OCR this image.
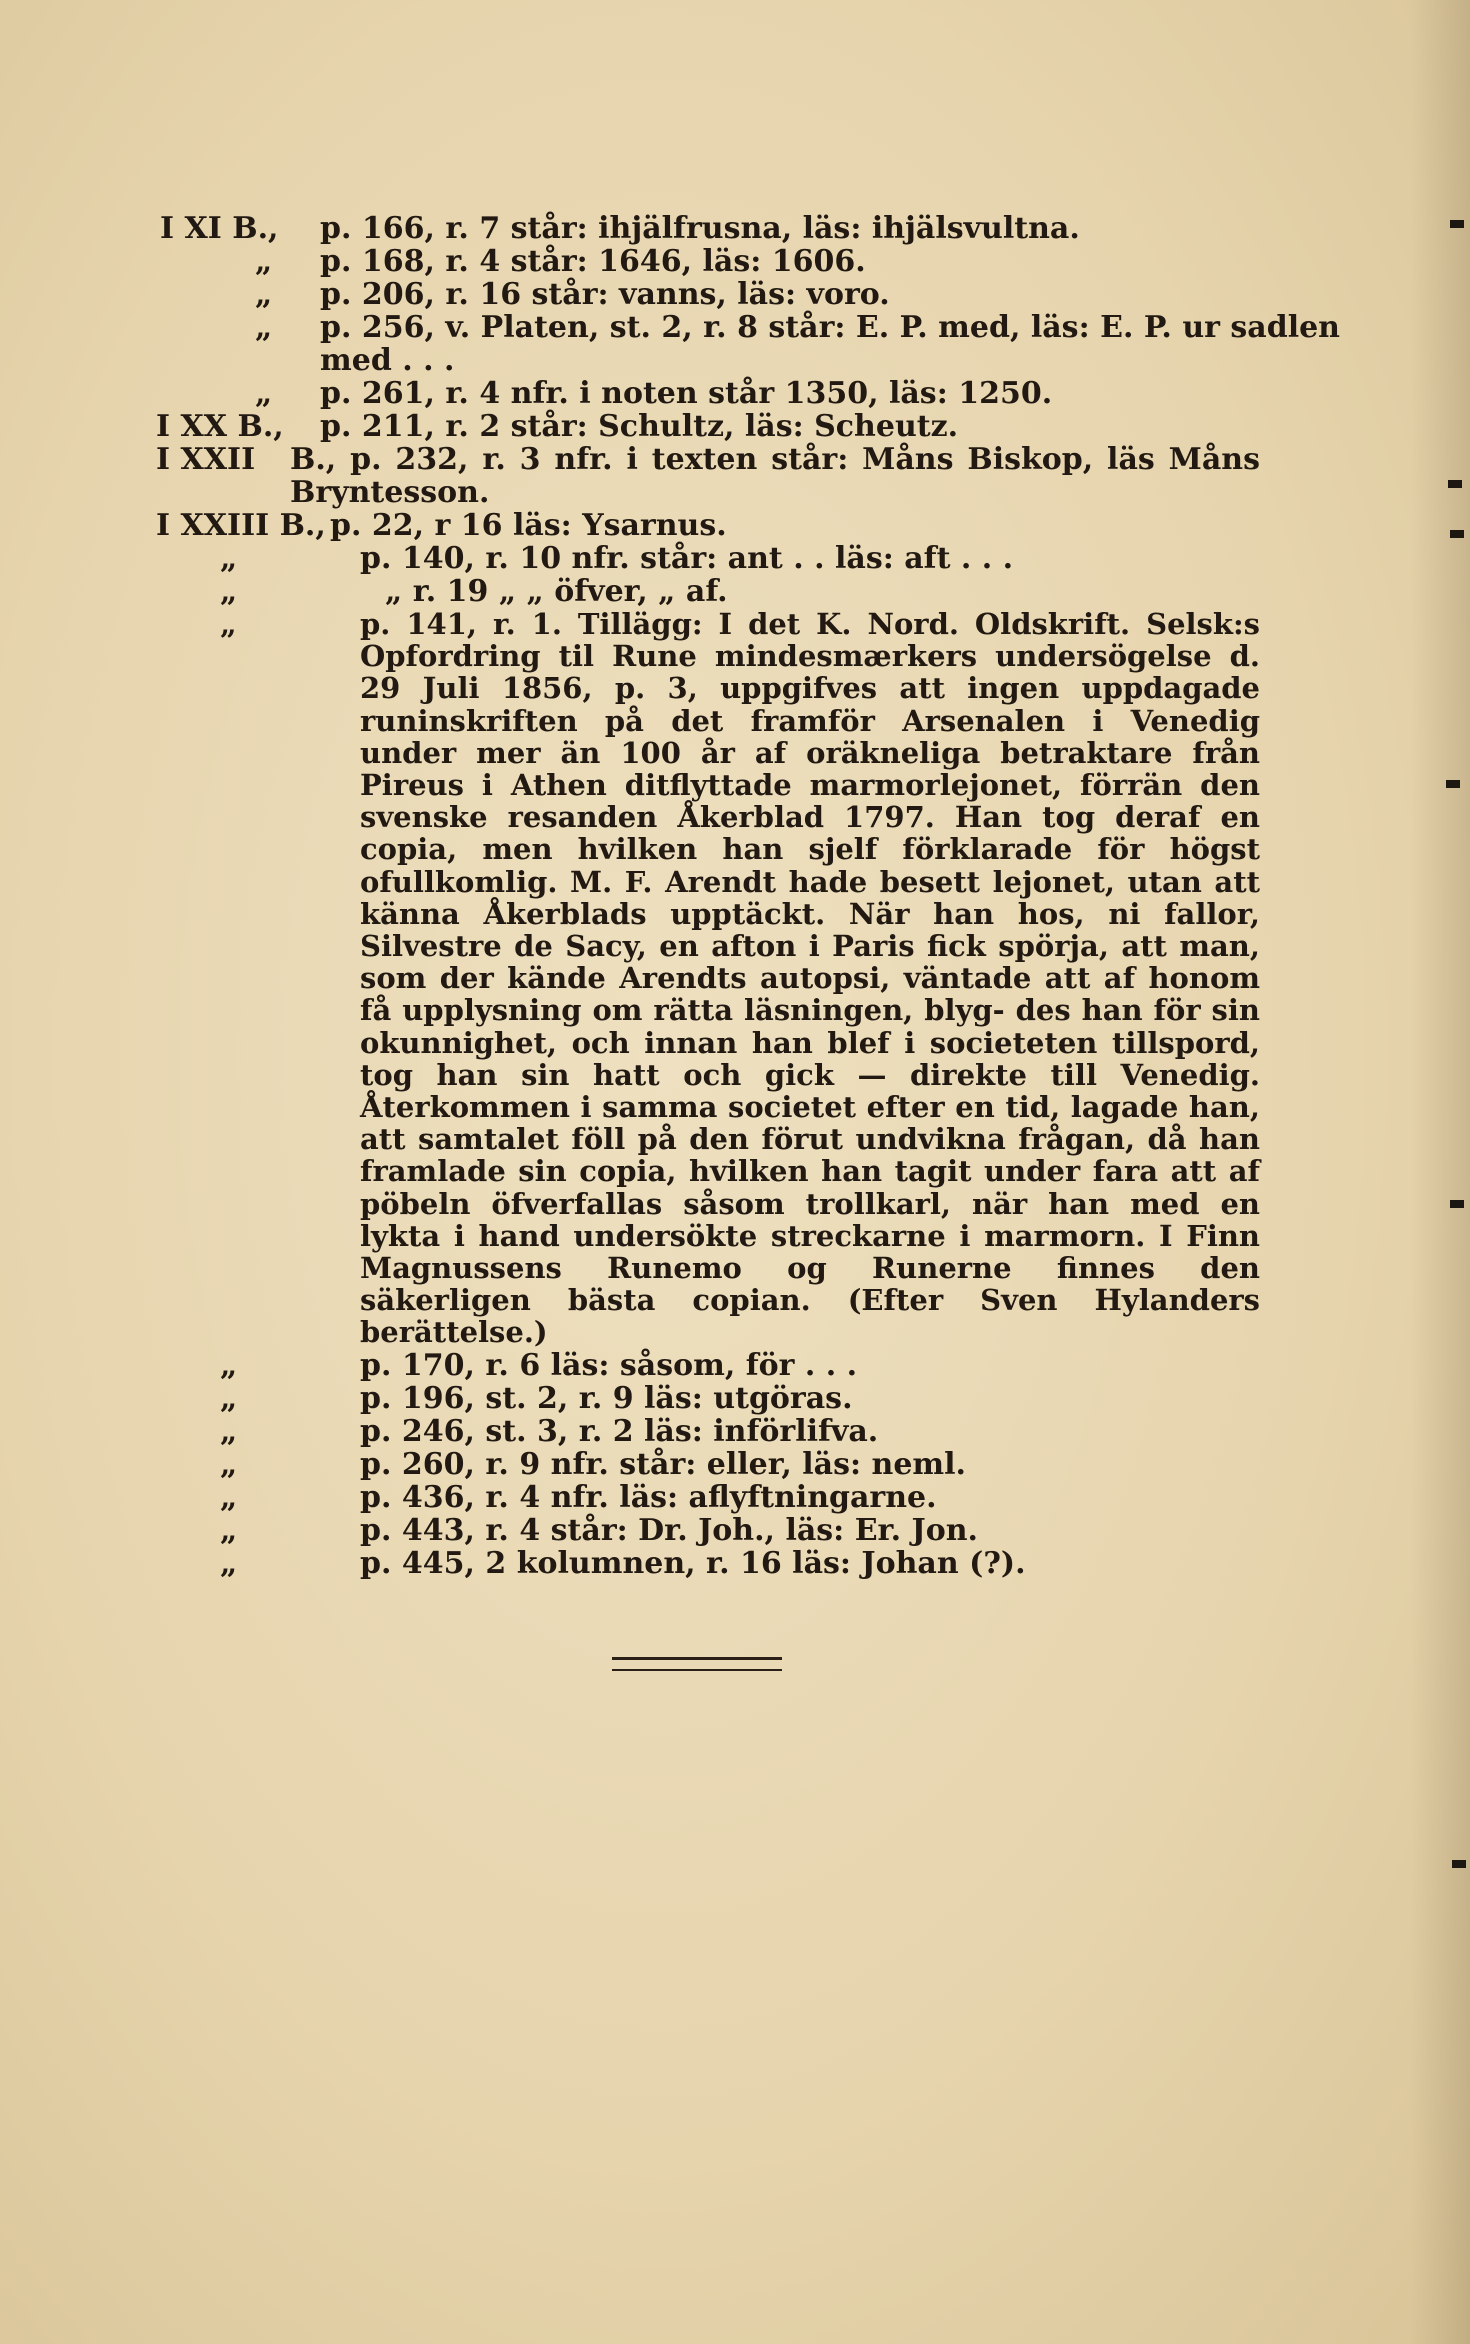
I XI B.,	p. 166, r. 7 står: ihjälfrusna, läs: ihjälsvultna.
„	p. 168, r. 4 står: 1646, läs: 1606.
„	p. 206, r. 16 står: vanns, läs: voro.
„	p. 256, v. Platen, st. 2, r. 8 står: E. P. med, läs: E. P. ur sadlen med . . .
„	p. 261, r. 4 nfr. i noten står 1350, läs: 1250.
I XX B.,	p. 211, r. 2 står: Schultz, läs: Scheutz.
I XXII	B., p. 232, r. 3 nfr. i texten står: Måns Biskop, läs Måns Bryntesson.
I XXIII B., p. 22, r 16 läs: Ysarnus.
„	p. 140, r. 10 nfr. står: ant . . läs: aft . . .
„	„ r. 19 „ „ öfver, „ af.
„	p. 141, r. 1. Tillägg: I det K. Nord. Oldskrift. Selsk:s Opfordring til Rune mindesmærkers undersögelse d. 29 Juli 1856, p. 3, uppgifves att ingen uppdagade runinskriften på det framför Arsenalen i Venedig under mer än 100 år af oräkneliga betraktare från Pireus i Athen ditflyttade marmorlejonet, förrän den svenske resanden Åkerblad 1797. Han tog deraf en copia, men hvilken han sjelf förklarade för högst ofullkomlig. M. F. Arendt hade besett lejonet, utan att känna Åkerblads upptäckt. När han hos, ni fallor, Silvestre de Sacy, en afton i Paris fick spörja, att man, som der kände Arendts autopsi, väntade att af honom få upplysning om rätta läsningen, blyg- des han för sin okunnighet, och innan han blef i societeten tillspord, tog han sin hatt och gick — direkte till Venedig. Återkommen i samma societet efter en tid, lagade han, att samtalet föll på den förut undvikna frågan, då han framlade sin copia, hvilken han tagit under fara att af pöbeln öfverfallas såsom trollkarl, när han med en lykta i hand undersökte streckarne i marmorn. I Finn Magnussens Runemo og Runerne finnes den säkerligen bästa copian. (Efter Sven Hylanders berättelse.)
„	p. 170, r. 6 läs: såsom, för . . .
„	p. 196, st. 2, r. 9 läs: utgöras.
„	p. 246, st. 3, r. 2 läs: införlifva.
„	p. 260, r. 9 nfr. står: eller, läs: neml.
„	p. 436, r. 4 nfr. läs: aflyftningarne.
„	p. 443, r. 4 står: Dr. Joh., läs: Er. Jon.
„	p. 445, 2 kolumnen, r. 16 läs: Johan (?).
